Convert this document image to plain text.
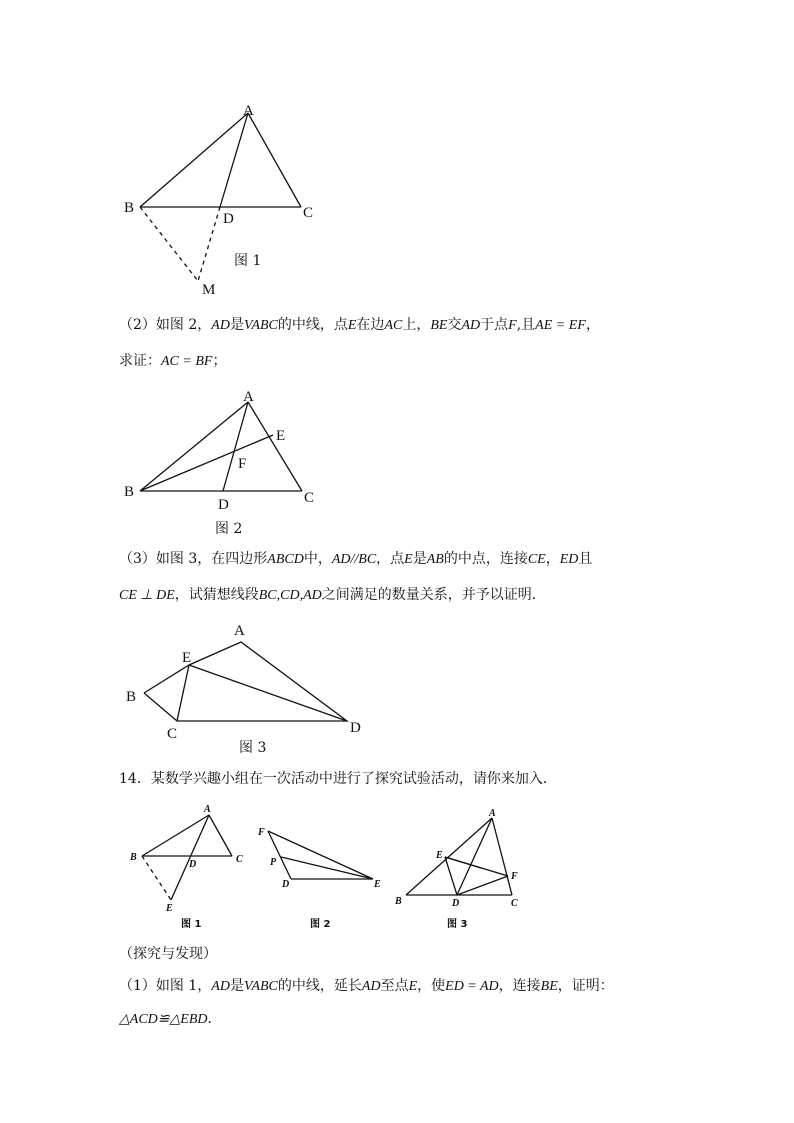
A
B	C
D
M
图 1
（2）如图 2，AD是VABC的中线，点E在边AC上，BE交AD于点F,且AE = EF，
求证：AC = BF；
A
B	C
D
E
F
图 2
（3）如图 3，在四边形ABCD中，AD//BC，点E是AB的中点，连接CE，ED且
CE ⊥ DE，试猜想线段BC,CD,AD之间满足的数量关系，并予以证明．
A
B
C	D
E
图 3
14．某数学兴趣小组在一次活动中进行了探究试验活动，请你来加入．
A
B	C
D
E
图 1
F
P
D	E
图 2
A
B	C
D
E
F
图 3
（探究与发现）
（1）如图 1，AD是VABC的中线，延长AD至点E，使ED = AD，连接BE，证明：
△ACD≌△EBD．
